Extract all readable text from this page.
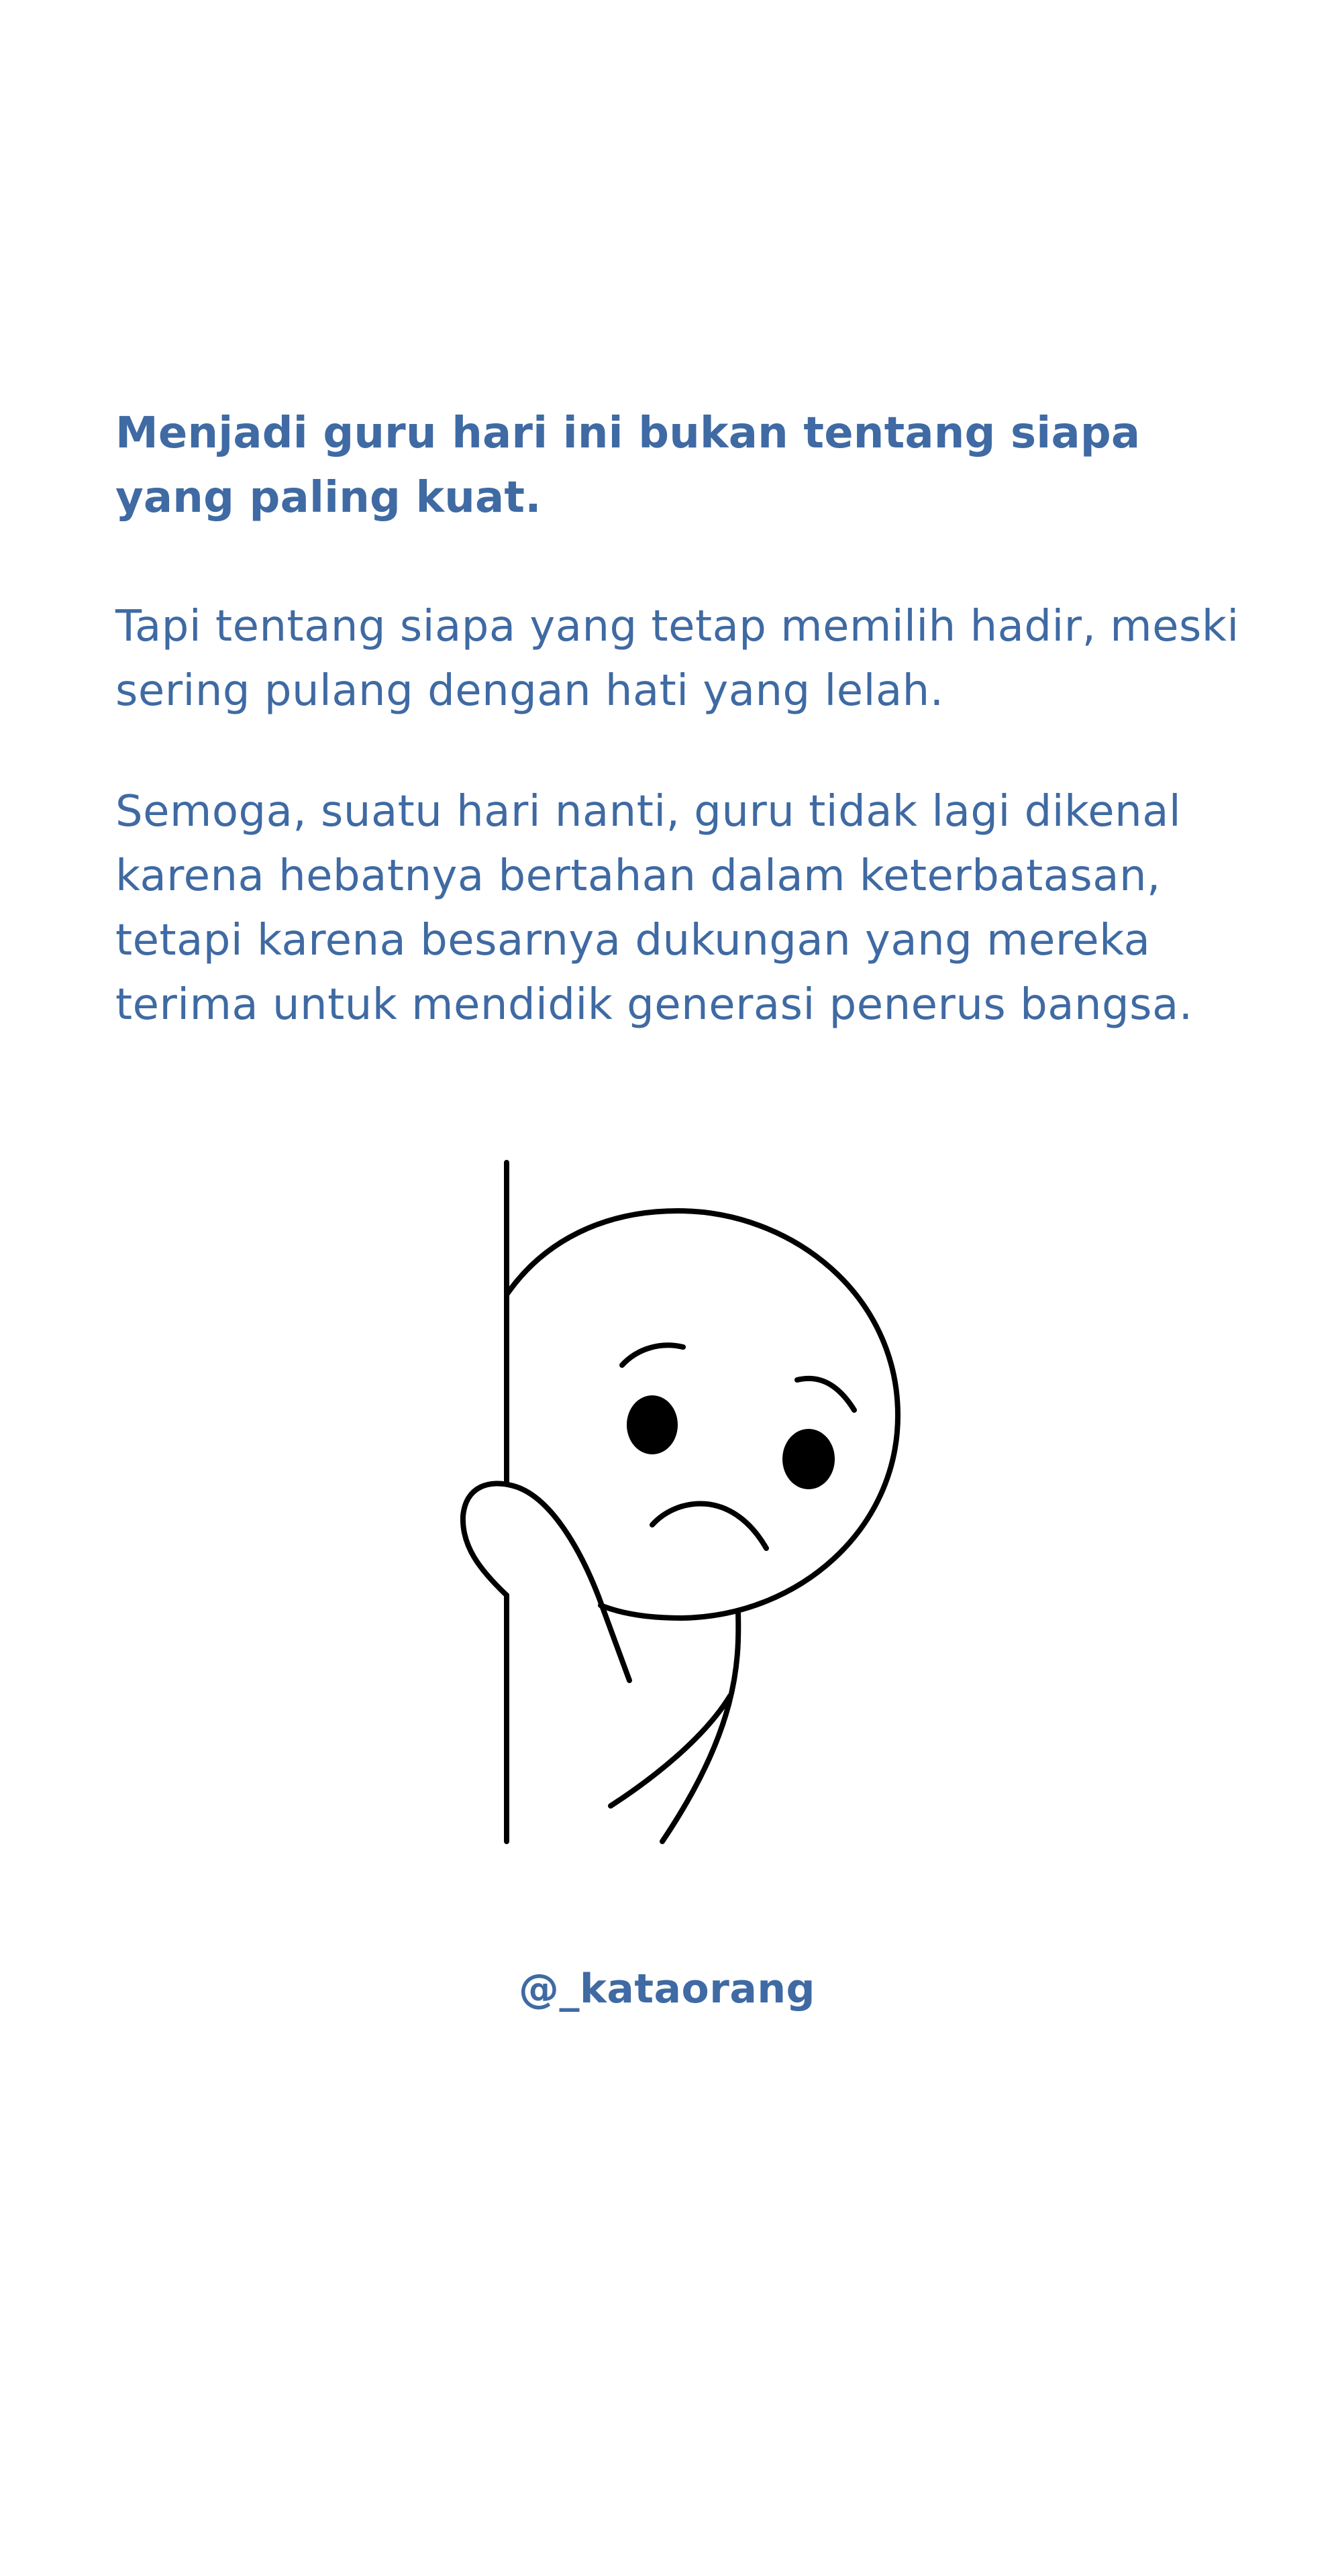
Menjadi guru hari ini bukan tentang siapa yang paling kuat.

Tapi tentang siapa yang tetap memilih hadir, meski sering pulang dengan hati yang lelah.

Semoga, suatu hari nanti, guru tidak lagi dikenal karena hebatnya bertahan dalam keterbatasan, tetapi karena besarnya dukungan yang mereka terima untuk mendidik generasi penerus bangsa.

@_kataorang
